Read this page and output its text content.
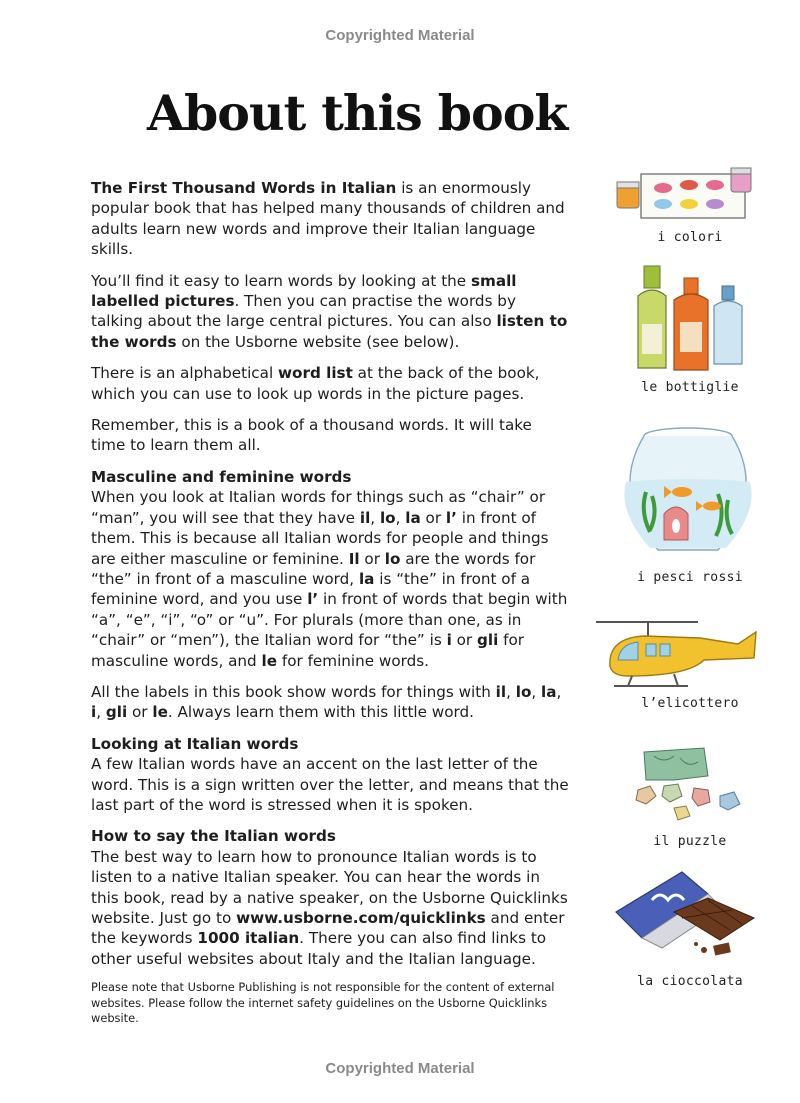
Copyrighted Material
About this book

The First Thousand Words in Italian is an enormously popular book that has helped many thousands of children and adults learn new words and improve their Italian language skills.

You’ll find it easy to learn words by looking at the small labelled pictures. Then you can practise the words by talking about the large central pictures. You can also listen to the words on the Usborne website (see below).

There is an alphabetical word list at the back of the book, which you can use to look up words in the picture pages.

Remember, this is a book of a thousand words. It will take time to learn them all.

Masculine and feminine words

When you look at Italian words for things such as “chair” or “man”, you will see that they have il, lo, la or l’ in front of them. This is because all Italian words for people and things are either masculine or feminine. Il or lo are the words for “the” in front of a masculine word, la is “the” in front of a feminine word, and you use l’ in front of words that begin with “a”, “e”, “i”, “o” or “u”. For plurals (more than one, as in “chair” or “men”), the Italian word for “the” is i or gli for masculine words, and le for feminine words.

All the labels in this book show words for things with il, lo, la, i, gli or le. Always learn them with this little word.

Looking at Italian words

A few Italian words have an accent on the last letter of the word. This is a sign written over the letter, and means that the last part of the word is stressed when it is spoken.

How to say the Italian words

The best way to learn how to pronounce Italian words is to listen to a native Italian speaker. You can hear the words in this book, read by a native speaker, on the Usborne Quicklinks website. Just go to www.usborne.com/quicklinks and enter the keywords 1000 italian. There you can also find links to other useful websites about Italy and the Italian language.

Please note that Usborne Publishing is not responsible for the content of external websites. Please follow the internet safety guidelines on the Usborne Quicklinks website.
i colori
le bottiglie
i pesci rossi
l’elicottero
il puzzle
la cioccolata
Copyrighted Material
